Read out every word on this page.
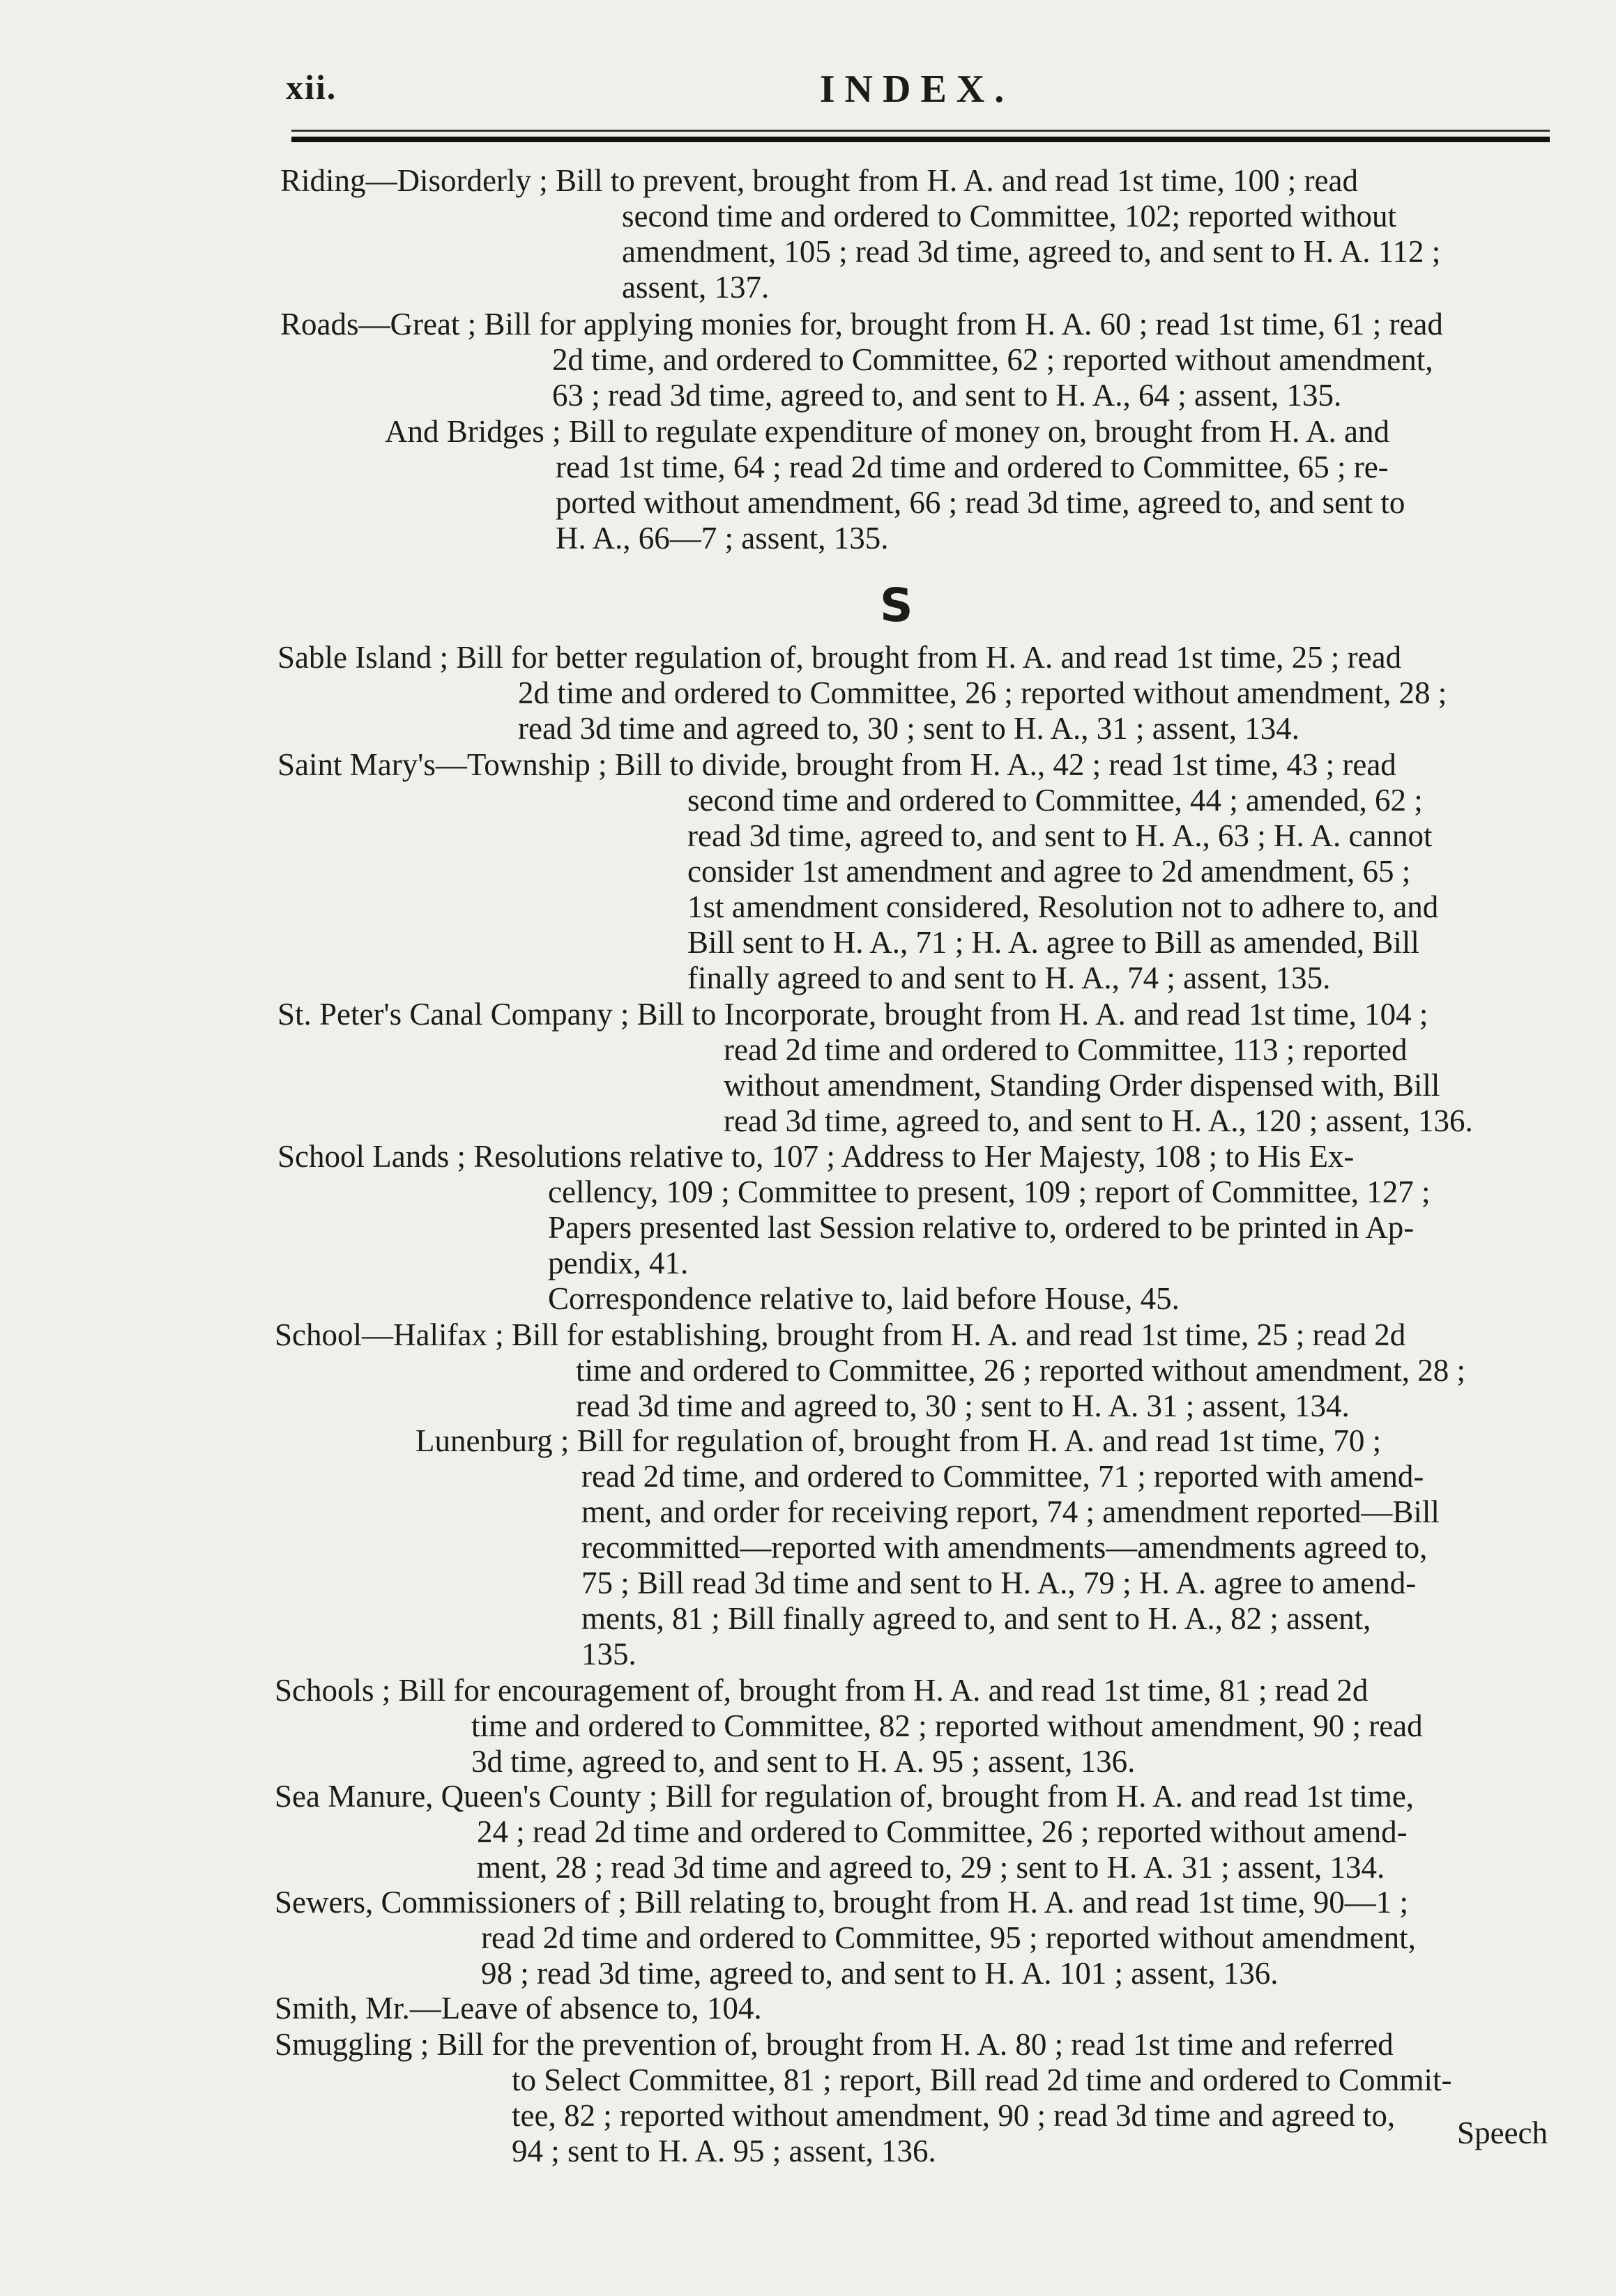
xii.	INDEX.
Riding—Disorderly ; Bill to prevent, brought from H. A. and read 1st time, 100 ; read
second time and ordered to Committee, 102; reported without
amendment, 105 ; read 3d time, agreed to, and sent to H. A. 112 ;
assent, 137.
Roads—Great ; Bill for applying monies for, brought from H. A. 60 ; read 1st time, 61 ; read
2d time, and ordered to Committee, 62 ; reported without amendment,
63 ; read 3d time, agreed to, and sent to H. A., 64 ; assent, 135.
And Bridges ; Bill to regulate expenditure of money on, brought from H. A. and
read 1st time, 64 ; read 2d time and ordered to Committee, 65 ; re-
ported without amendment, 66 ; read 3d time, agreed to, and sent to
H. A., 66—7 ; assent, 135.
S
Sable Island ; Bill for better regulation of, brought from H. A. and read 1st time, 25 ; read
2d time and ordered to Committee, 26 ; reported without amendment, 28 ;
read 3d time and agreed to, 30 ; sent to H. A., 31 ; assent, 134.
Saint Mary's—Township ; Bill to divide, brought from H. A., 42 ; read 1st time, 43 ; read
second time and ordered to Committee, 44 ; amended, 62 ;
read 3d time, agreed to, and sent to H. A., 63 ; H. A. cannot
consider 1st amendment and agree to 2d amendment, 65 ;
1st amendment considered, Resolution not to adhere to, and
Bill sent to H. A., 71 ; H. A. agree to Bill as amended, Bill
finally agreed to and sent to H. A., 74 ; assent, 135.
St. Peter's Canal Company ; Bill to Incorporate, brought from H. A. and read 1st time, 104 ;
read 2d time and ordered to Committee, 113 ; reported
without amendment, Standing Order dispensed with, Bill
read 3d time, agreed to, and sent to H. A., 120 ; assent, 136.
School Lands ; Resolutions relative to, 107 ; Address to Her Majesty, 108 ; to His Ex-
cellency, 109 ; Committee to present, 109 ; report of Committee, 127 ;
Papers presented last Session relative to, ordered to be printed in Ap-
pendix, 41.
Correspondence relative to, laid before House, 45.
School—Halifax ; Bill for establishing, brought from H. A. and read 1st time, 25 ; read 2d
time and ordered to Committee, 26 ; reported without amendment, 28 ;
read 3d time and agreed to, 30 ; sent to H. A. 31 ; assent, 134.
Lunenburg ; Bill for regulation of, brought from H. A. and read 1st time, 70 ;
read 2d time, and ordered to Committee, 71 ; reported with amend-
ment, and order for receiving report, 74 ; amendment reported—Bill
recommitted—reported with amendments—amendments agreed to,
75 ; Bill read 3d time and sent to H. A., 79 ; H. A. agree to amend-
ments, 81 ; Bill finally agreed to, and sent to H. A., 82 ; assent,
135.
Schools ; Bill for encouragement of, brought from H. A. and read 1st time, 81 ; read 2d
time and ordered to Committee, 82 ; reported without amendment, 90 ; read
3d time, agreed to, and sent to H. A. 95 ; assent, 136.
Sea Manure, Queen's County ; Bill for regulation of, brought from H. A. and read 1st time,
24 ; read 2d time and ordered to Committee, 26 ; reported without amend-
ment, 28 ; read 3d time and agreed to, 29 ; sent to H. A. 31 ; assent, 134.
Sewers, Commissioners of ; Bill relating to, brought from H. A. and read 1st time, 90—1 ;
read 2d time and ordered to Committee, 95 ; reported without amendment,
98 ; read 3d time, agreed to, and sent to H. A. 101 ; assent, 136.
Smith, Mr.—Leave of absence to, 104.
Smuggling ; Bill for the prevention of, brought from H. A. 80 ; read 1st time and referred
to Select Committee, 81 ; report, Bill read 2d time and ordered to Commit-
tee, 82 ; reported without amendment, 90 ; read 3d time and agreed to,
94 ; sent to H. A. 95 ; assent, 136.
Speech
